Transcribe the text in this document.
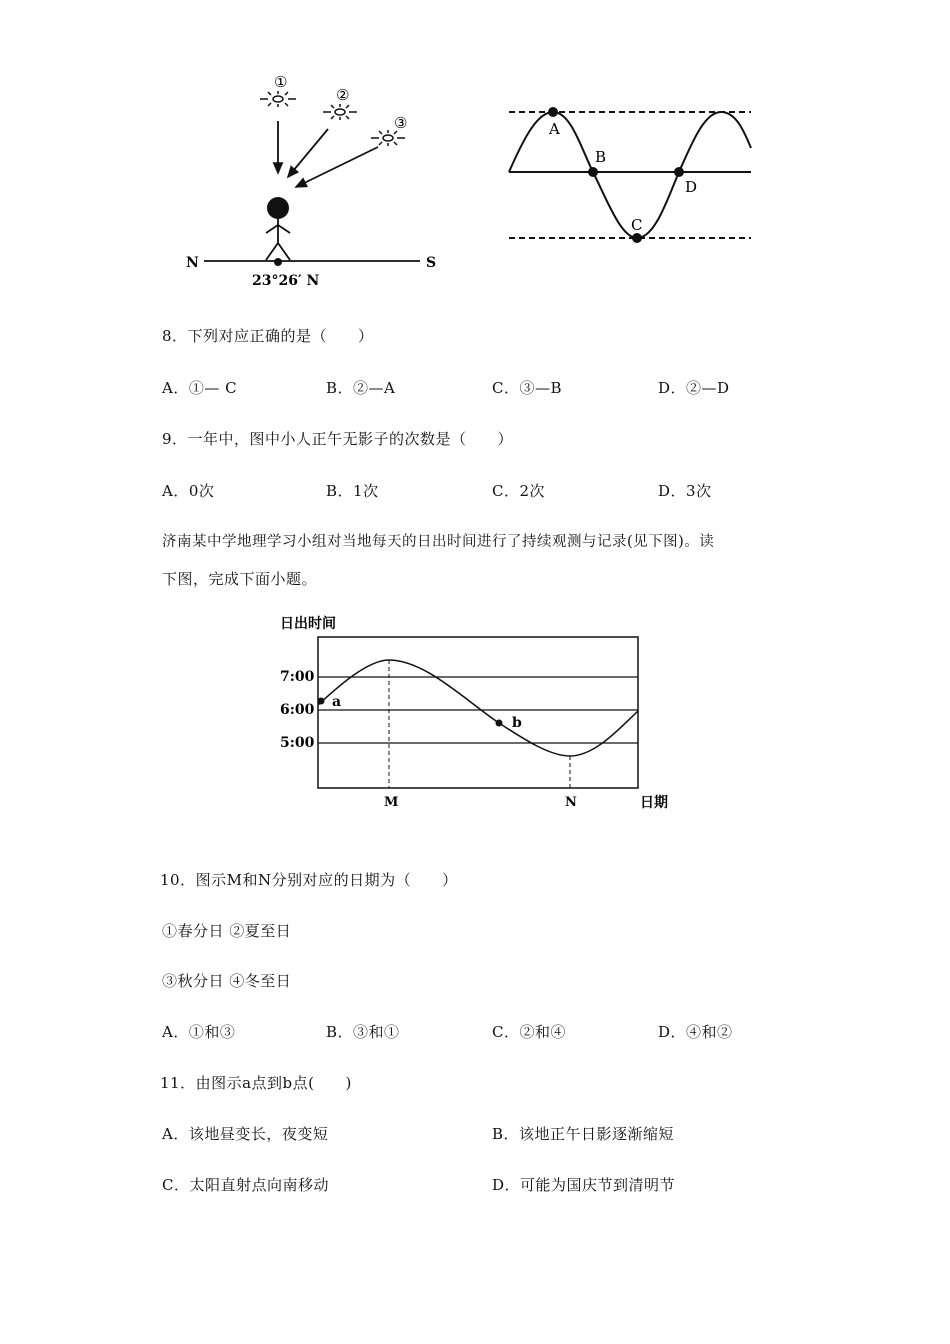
①
②
③
N	S
23°26′ N
A
B
C
D
8．下列对应正确的是（　　）
A．①— C	B．②—A	C．③—B	D．②—D
9．一年中，图中小人正午无影子的次数是（　　）
A．0次	B．1次	C．2次	D．3次
济南某中学地理学习小组对当地每天的日出时间进行了持续观测与记录(见下图)。读
下图，完成下面小题。
日出时间
7:00
6:00
5:00
a
b
M	N	日期
10．图示M和N分别对应的日期为（　　）
①春分日 ②夏至日
③秋分日 ④冬至日
A．①和③	B．③和①	C．②和④	D．④和②
11．由图示a点到b点(　　)
A．该地昼变长，夜变短	B．该地正午日影逐渐缩短
C．太阳直射点向南移动	D．可能为国庆节到清明节
